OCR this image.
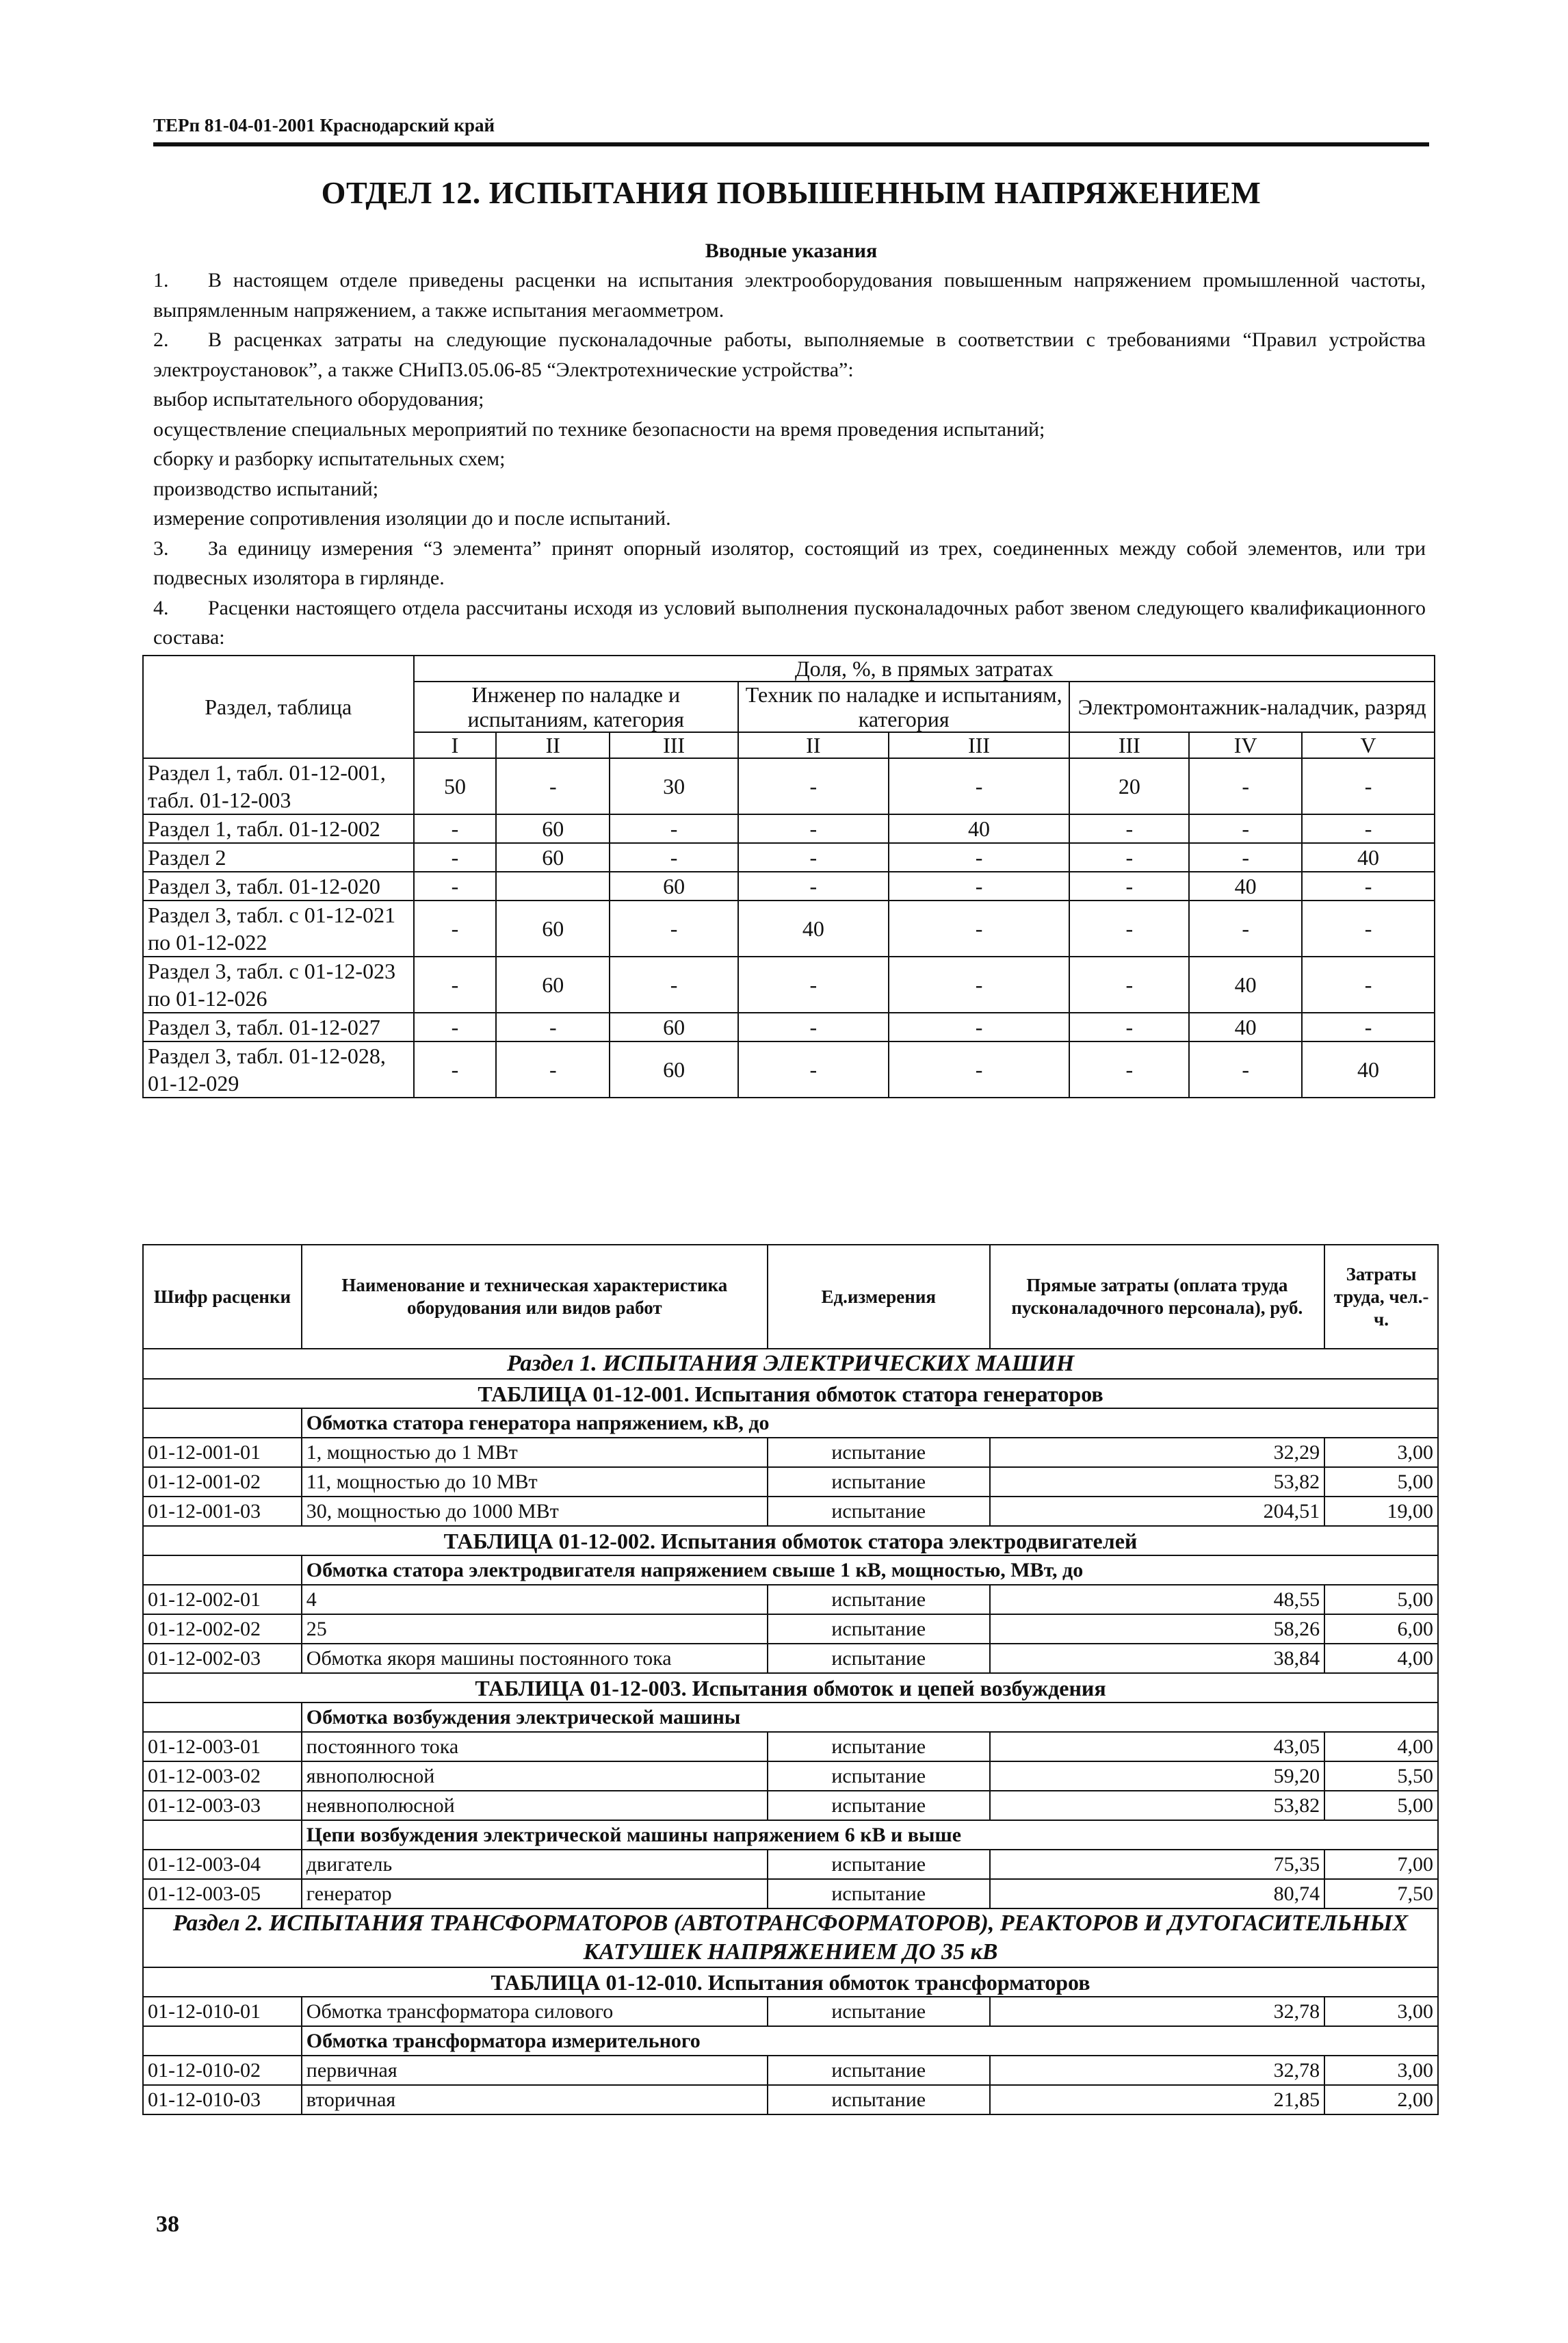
ТЕРп 81-04-01-2001 Краснодарский край
ОТДЕЛ 12. ИСПЫТАНИЯ ПОВЫШЕННЫМ НАПРЯЖЕНИЕМ
Вводные указания

1. В настоящем отделе приведены расценки на испытания электрооборудования повышенным напряжением промышленной частоты, выпрямленным напряжением, а также испытания мегаомметром.

2. В расценках затраты на следующие пусконаладочные работы, выполняемые в соответствии с требованиями “Правил устройства электроустановок”, а также СНиП3.05.06-85 “Электротехнические устройства”:

выбор испытательного оборудования;

осуществление специальных мероприятий по технике безопасности на время проведения испытаний;

сборку и разборку испытательных схем;

производство испытаний;

измерение сопротивления изоляции до и после испытаний.

3. За единицу измерения “3 элемента” принят опорный изолятор, состоящий из трех, соединенных между собой элементов, или три подвесных изолятора в гирлянде.

4. Расценки настоящего отдела рассчитаны исходя из условий выполнения пусконаладочных работ звеном следующего квалификационного состава:

Раздел, таблица	Доля, %, в прямых затратах							
	Инженер по наладке и испытаниям, категория			Техник по наладке и испытаниям, категория		Электромонтажник-наладчик, разряд		
	I	II	III	II	III	III	IV	V
Раздел 1, табл. 01-12-001, табл. 01-12-003	50	-	30	-	-	20	-	-
Раздел 1, табл. 01-12-002	-	60	-	-	40	-	-	-
Раздел 2	-	60	-	-	-	-	-	40
Раздел 3, табл. 01-12-020	-		60	-	-	-	40	-
Раздел 3, табл. с 01-12-021 по 01-12-022	-	60	-	40	-	-	-	-
Раздел 3, табл. с 01-12-023 по 01-12-026	-	60	-	-	-	-	40	-
Раздел 3, табл. 01-12-027	-	-	60	-	-	-	40	-
Раздел 3, табл. 01-12-028, 01-12-029	-	-	60	-	-	-	-	40
Шифр расценки	Наименование и техническая характеристика оборудования или видов работ	Ед.измерения	Прямые затраты (оплата труда пусконаладочного персонала), руб.	Затраты труда, чел.-ч.
Раздел 1. ИСПЫТАНИЯ ЭЛЕКТРИЧЕСКИХ МАШИН				
ТАБЛИЦА 01-12-001. Испытания обмоток статора генераторов				
	Обмотка статора генератора напряжением, кВ, до			
01-12-001-01	1, мощностью до 1 МВт	испытание	32,29	3,00
01-12-001-02	11, мощностью до 10 МВт	испытание	53,82	5,00
01-12-001-03	30, мощностью до 1000 МВт	испытание	204,51	19,00
ТАБЛИЦА 01-12-002. Испытания обмоток статора электродвигателей				
	Обмотка статора электродвигателя напряжением свыше 1 кВ, мощностью, МВт, до			
01-12-002-01	4	испытание	48,55	5,00
01-12-002-02	25	испытание	58,26	6,00
01-12-002-03	Обмотка якоря машины постоянного тока	испытание	38,84	4,00
ТАБЛИЦА 01-12-003. Испытания обмоток и цепей возбуждения				
	Обмотка возбуждения электрической машины			
01-12-003-01	постоянного тока	испытание	43,05	4,00
01-12-003-02	явнополюсной	испытание	59,20	5,50
01-12-003-03	неявнополюсной	испытание	53,82	5,00
	Цепи возбуждения электрической машины напряжением 6 кВ и выше			
01-12-003-04	двигатель	испытание	75,35	7,00
01-12-003-05	генератор	испытание	80,74	7,50
Раздел 2. ИСПЫТАНИЯ ТРАНСФОРМАТОРОВ (АВТОТРАНСФОРМАТОРОВ), РЕАКТОРОВ И ДУГОГАСИТЕЛЬНЫХ КАТУШЕК НАПРЯЖЕНИЕМ ДО 35 кВ				
ТАБЛИЦА 01-12-010. Испытания обмоток трансформаторов				
01-12-010-01	Обмотка трансформатора силового	испытание	32,78	3,00
	Обмотка трансформатора измерительного			
01-12-010-02	первичная	испытание	32,78	3,00
01-12-010-03	вторичная	испытание	21,85	2,00
38
